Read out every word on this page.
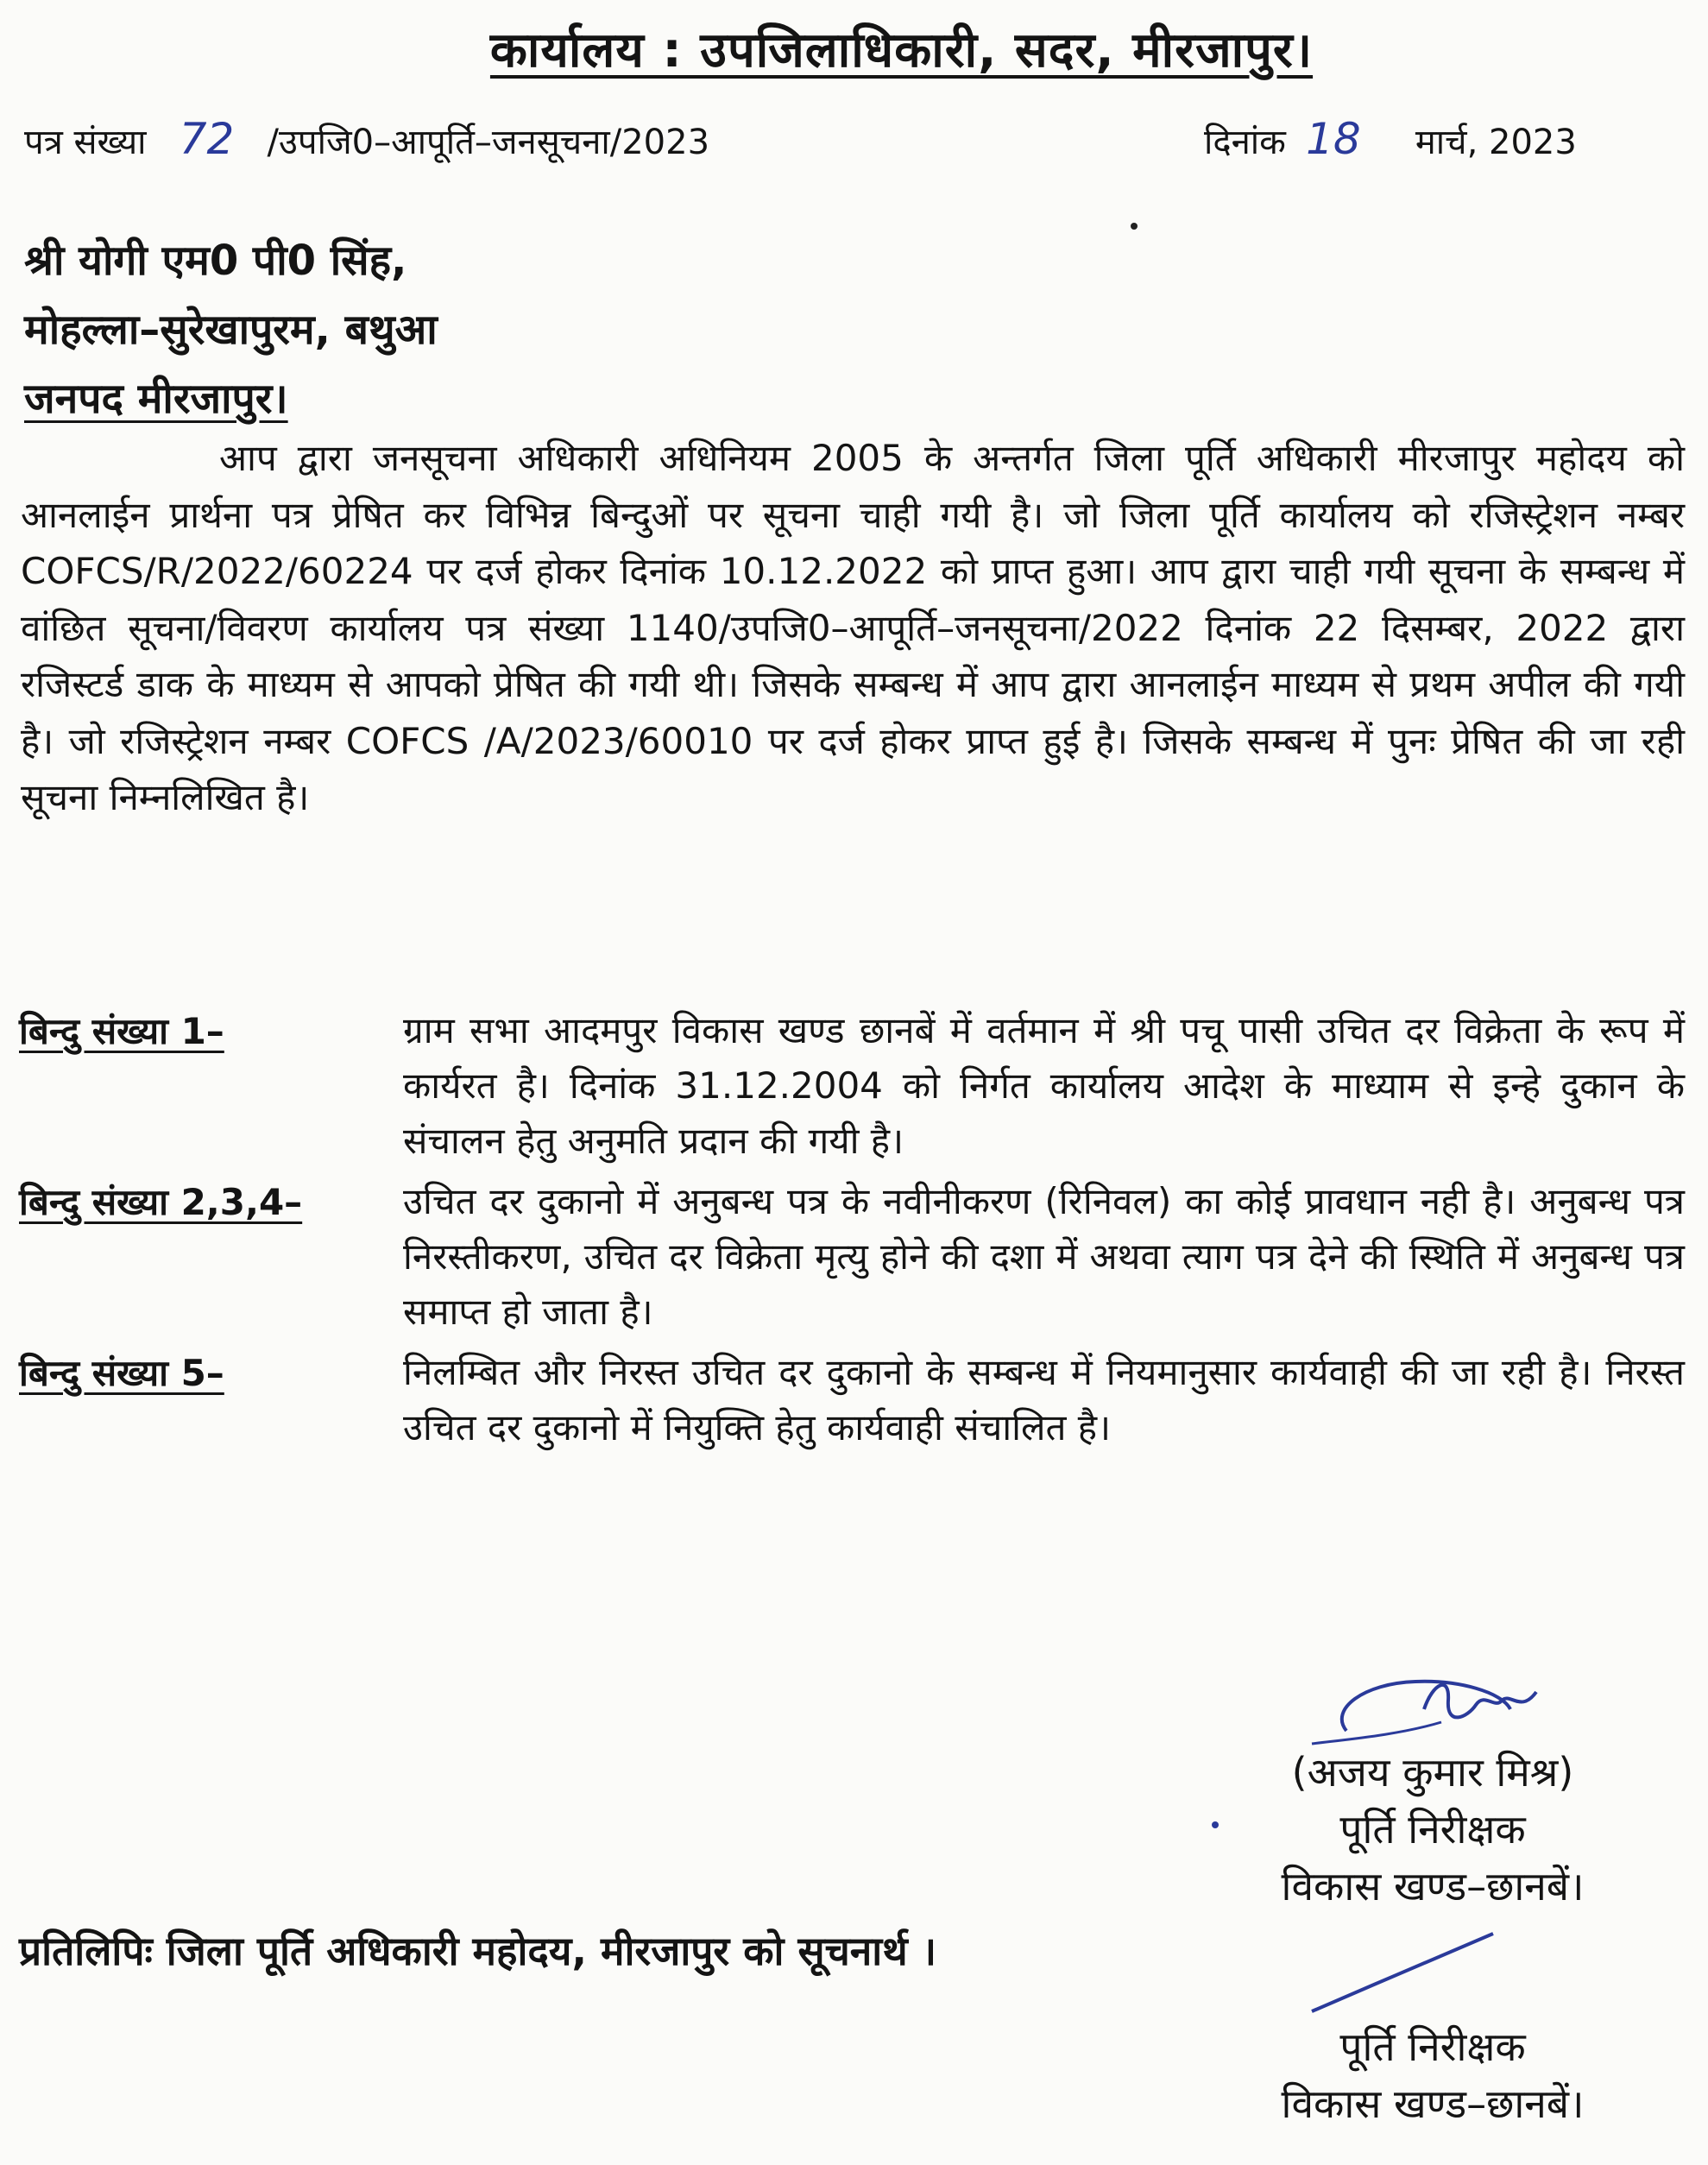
कार्यालय : उपजिलाधिकारी, सदर, मीरजापुर।
पत्र संख्या 72 /उपजि0–आपूर्ति–जनसूचना/2023	दिनांक 18 मार्च, 2023
श्री योगी एम0 पी0 सिंह,
मोहल्ला–सुरेखापुरम, बथुआ
जनपद मीरजापुर।
आप द्वारा जनसूचना अधिकारी अधिनियम 2005 के अन्तर्गत जिला पूर्ति अधिकारी मीरजापुर महोदय को आनलाईन प्रार्थना पत्र प्रेषित कर विभिन्न बिन्दुओं पर सूचना चाही गयी है। जो जिला पूर्ति कार्यालय को रजिस्ट्रेशन नम्बर COFCS/R/2022/60224 पर दर्ज होकर दिनांक 10.12.2022 को प्राप्त हुआ। आप द्वारा चाही गयी सूचना के सम्बन्ध में वांछित सूचना/विवरण कार्यालय पत्र संख्या 1140/उपजि0–आपूर्ति–जनसूचना/2022 दिनांक 22 दिसम्बर, 2022 द्वारा रजिस्टर्ड डाक के माध्यम से आपको प्रेषित की गयी थी। जिसके सम्बन्ध में आप द्वारा आनलाईन माध्यम से प्रथम अपील की गयी है। जो रजिस्ट्रेशन नम्बर COFCS /A/2023/60010 पर दर्ज होकर प्राप्त हुई है। जिसके सम्बन्ध में पुनः प्रेषित की जा रही सूचना निम्नलिखित है।
बिन्दु संख्या 1–	ग्राम सभा आदमपुर विकास खण्ड छानबें में वर्तमान में श्री पचू पासी उचित दर विक्रेता के रूप में कार्यरत है। दिनांक 31.12.2004 को निर्गत कार्यालय आदेश के माध्याम से इन्हे दुकान के संचालन हेतु अनुमति प्रदान की गयी है।
बिन्दु संख्या 2,3,4–	उचित दर दुकानो में अनुबन्ध पत्र के नवीनीकरण (रिनिवल) का कोई प्रावधान नही है। अनुबन्ध पत्र निरस्तीकरण, उचित दर विक्रेता मृत्यु होने की दशा में अथवा त्याग पत्र देने की स्थिति में अनुबन्ध पत्र समाप्त हो जाता है।
बिन्दु संख्या 5–	निलम्बित और निरस्त उचित दर दुकानो के सम्बन्ध में नियमानुसार कार्यवाही की जा रही है। निरस्त उचित दर दुकानो में नियुक्ति हेतु कार्यवाही संचालित है।
(अजय कुमार मिश्र)
पूर्ति निरीक्षक
विकास खण्ड–छानबें।
प्रतिलिपिः जिला पूर्ति अधिकारी महोदय, मीरजापुर को सूचनार्थ ।
पूर्ति निरीक्षक
विकास खण्ड–छानबें।
